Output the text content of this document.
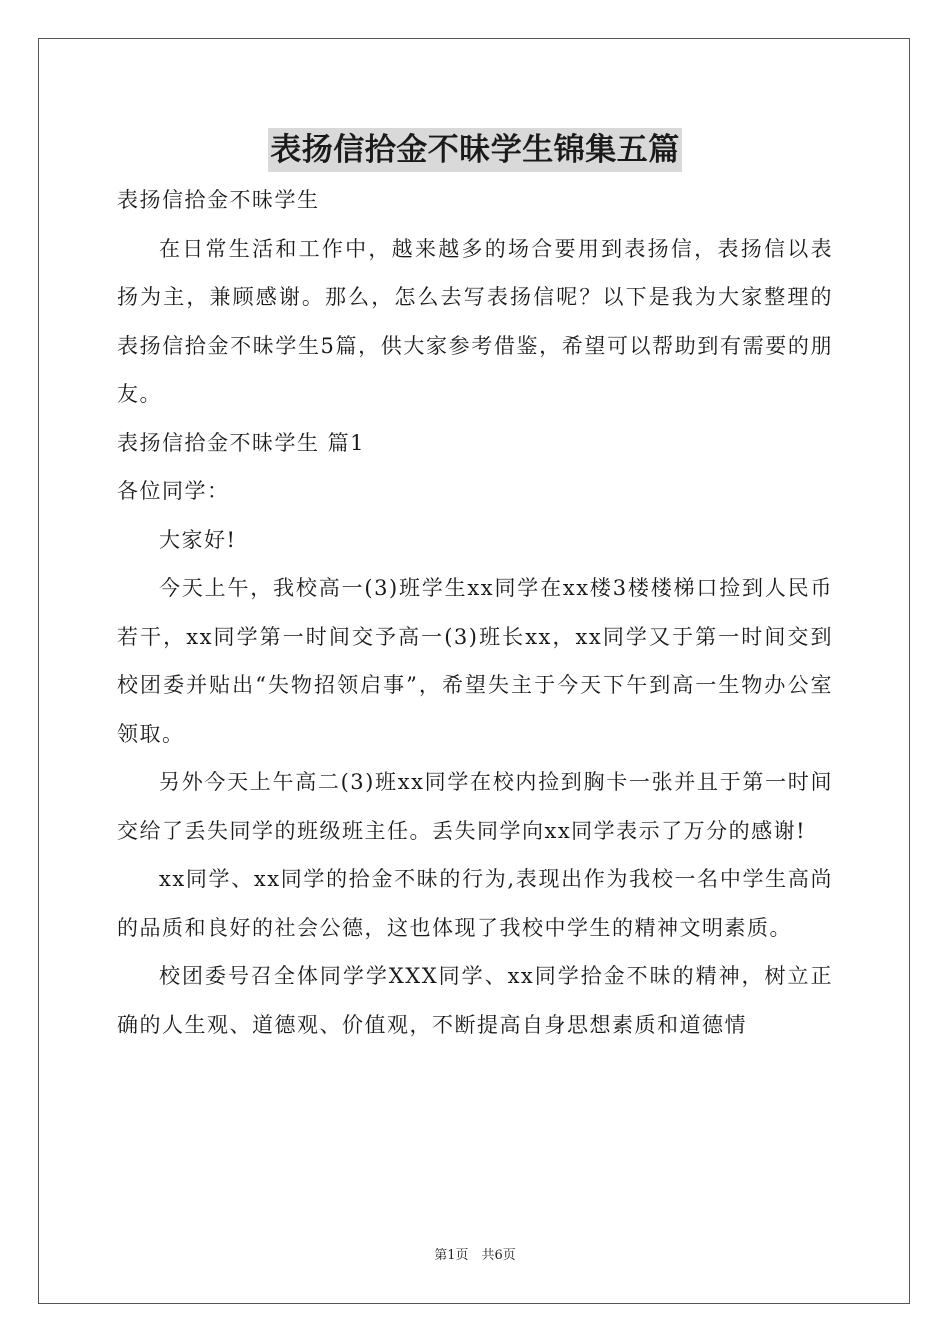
表扬信拾金不昧学生锦集五篇

表扬信拾金不昧学生

在日常生活和工作中，越来越多的场合要用到表扬信，表扬信以表扬为主，兼顾感谢。那么，怎么去写表扬信呢？以下是我为大家整理的表扬信拾金不昧学生5篇，供大家参考借鉴，希望可以帮助到有需要的朋友。

表扬信拾金不昧学生 篇1

各位同学：

大家好!

今天上午，我校高一(3)班学生xx同学在xx楼3楼楼梯口捡到人民币若干，xx同学第一时间交予高一(3)班长xx，xx同学又于第一时间交到校团委并贴出“失物招领启事”，希望失主于今天下午到高一生物办公室领取。

另外今天上午高二(3)班xx同学在校内捡到胸卡一张并且于第一时间交给了丢失同学的班级班主任。丢失同学向xx同学表示了万分的感谢!

xx同学、xx同学的拾金不昧的行为,表现出作为我校一名中学生高尚的品质和良好的社会公德，这也体现了我校中学生的精神文明素质。

校团委号召全体同学学XXX同学、xx同学拾金不昧的精神，树立正确的人生观、道德观、价值观，不断提高自身思想素质和道德情

第1页　共6页
